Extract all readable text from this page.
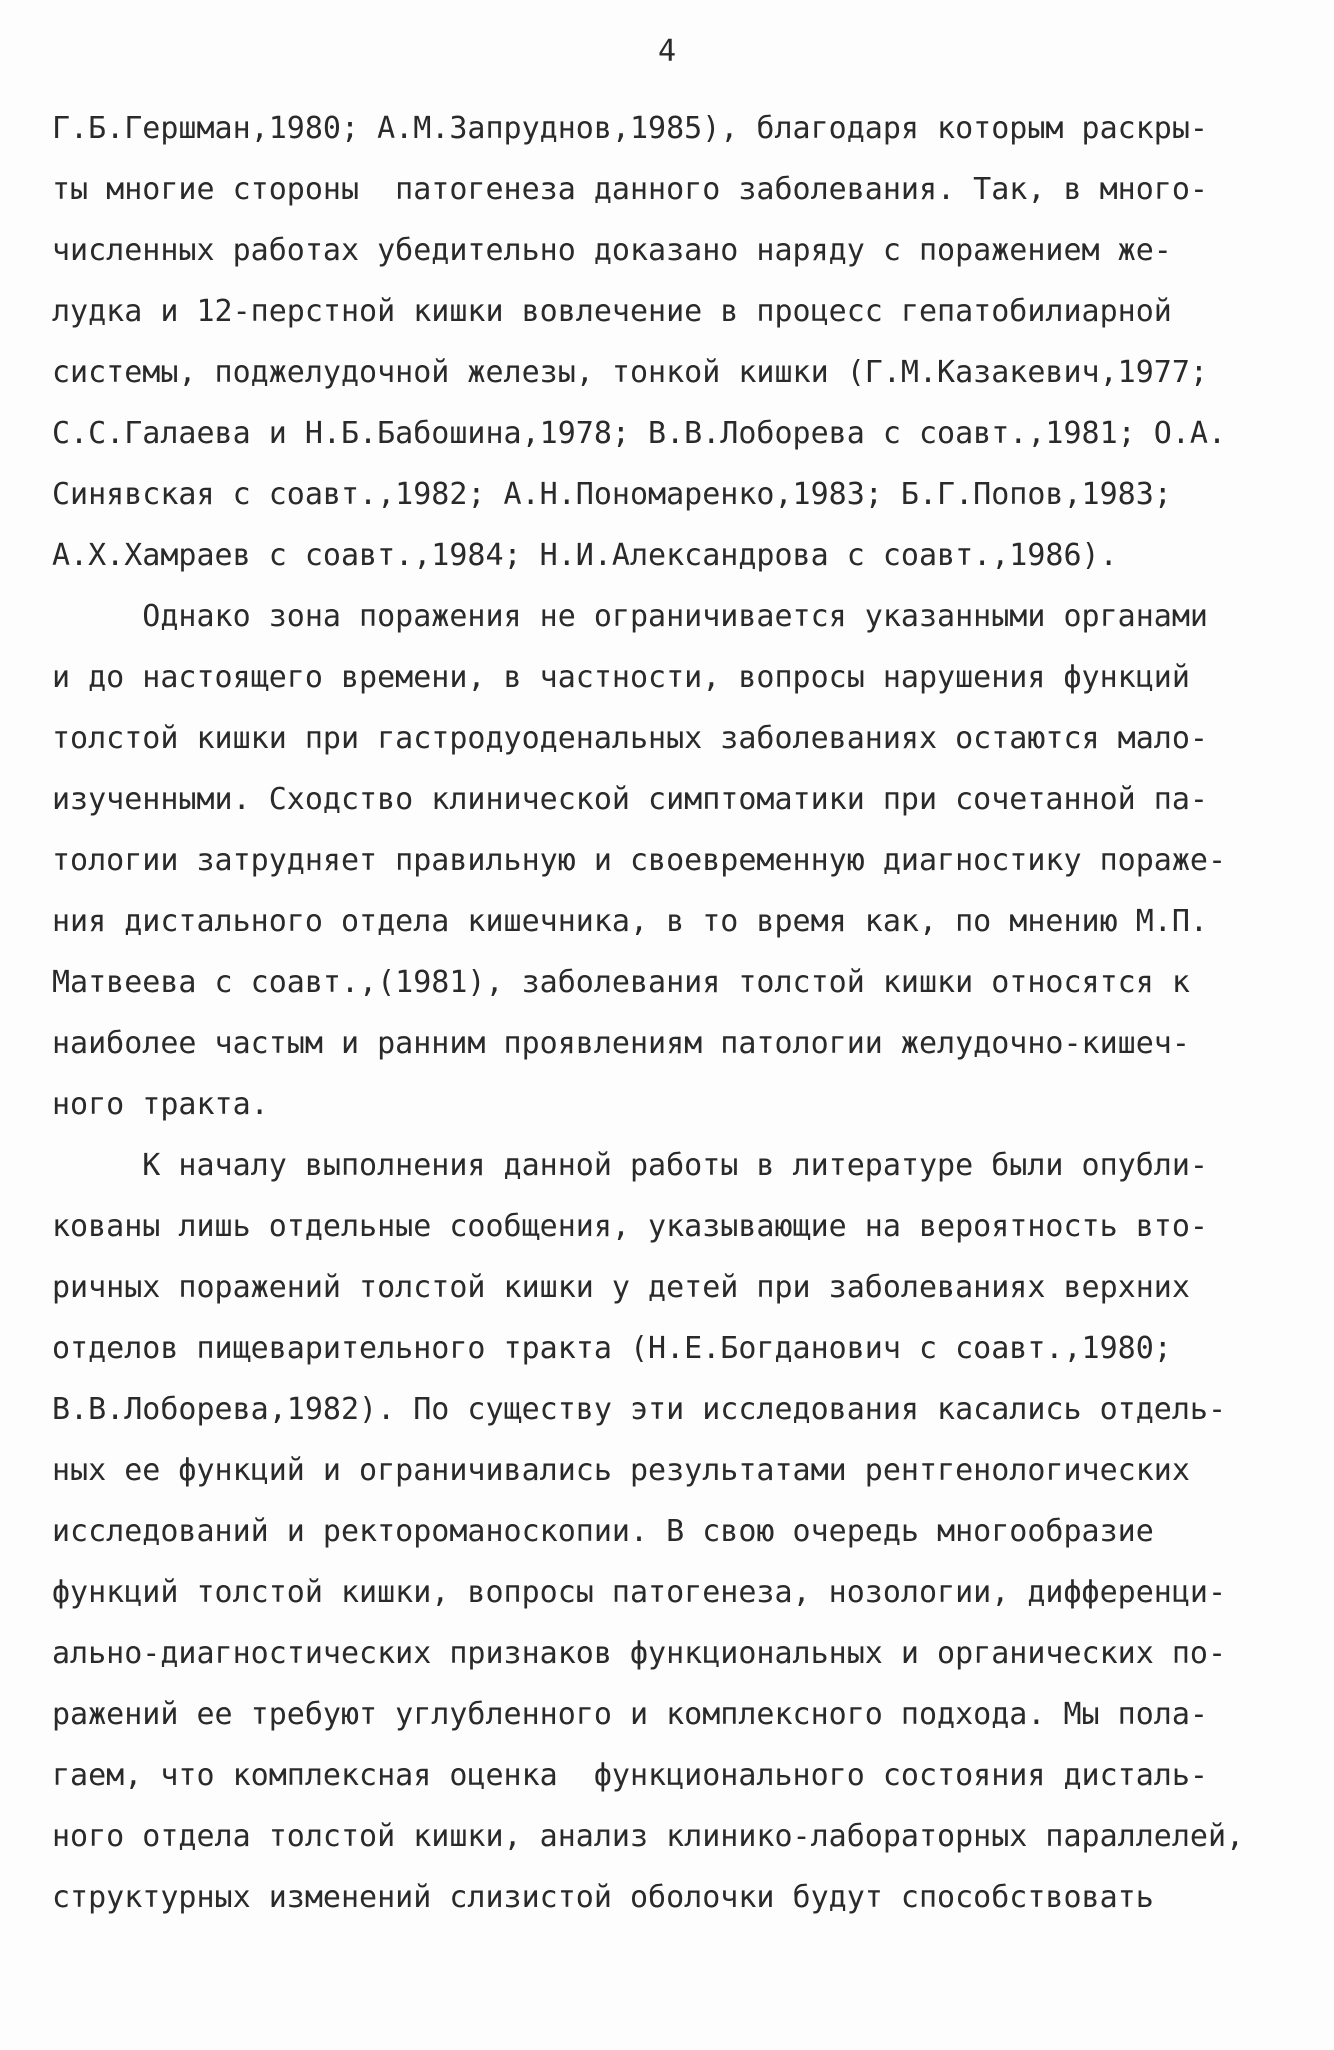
4
Г.Б.Гершман,1980; А.М.Запруднов,1985), благодаря которым раскры-
ты многие стороны  патогенеза данного заболевания. Так, в много-
численных работах убедительно доказано наряду с поражением же-
лудка и 12-перстной кишки вовлечение в процесс гепатобилиарной
системы, поджелудочной железы, тонкой кишки (Г.М.Казакевич,1977;
С.С.Галаева и Н.Б.Бабошина,1978; В.В.Лоборева с соавт.,1981; О.А.
Синявская с соавт.,1982; А.Н.Пономаренко,1983; Б.Г.Попов,1983;
А.Х.Хамраев с соавт.,1984; Н.И.Александрова с соавт.,1986).
Однако зона поражения не ограничивается указанными органами
и до настоящего времени, в частности, вопросы нарушения функций
толстой кишки при гастродуоденальных заболеваниях остаются мало-
изученными. Сходство клинической симптоматики при сочетанной па-
тологии затрудняет правильную и своевременную диагностику пораже-
ния дистального отдела кишечника, в то время как, по мнению М.П.
Матвеева с соавт.,(1981), заболевания толстой кишки относятся к
наиболее частым и ранним проявлениям патологии желудочно-кишеч-
ного тракта.
К началу выполнения данной работы в литературе были опубли-
кованы лишь отдельные сообщения, указывающие на вероятность вто-
ричных поражений толстой кишки у детей при заболеваниях верхних
отделов пищеварительного тракта (Н.Е.Богданович с соавт.,1980;
В.В.Лоборева,1982). По существу эти исследования касались отдель-
ных ее функций и ограничивались результатами рентгенологических
исследований и ректороманоскопии. В свою очередь многообразие
функций толстой кишки, вопросы патогенеза, нозологии, дифференци-
ально-диагностических признаков функциональных и органических по-
ражений ее требуют углубленного и комплексного подхода. Мы пола-
гаем, что комплексная оценка  функционального состояния дисталь-
ного отдела толстой кишки, анализ клинико-лабораторных параллелей,
структурных изменений слизистой оболочки будут способствовать
